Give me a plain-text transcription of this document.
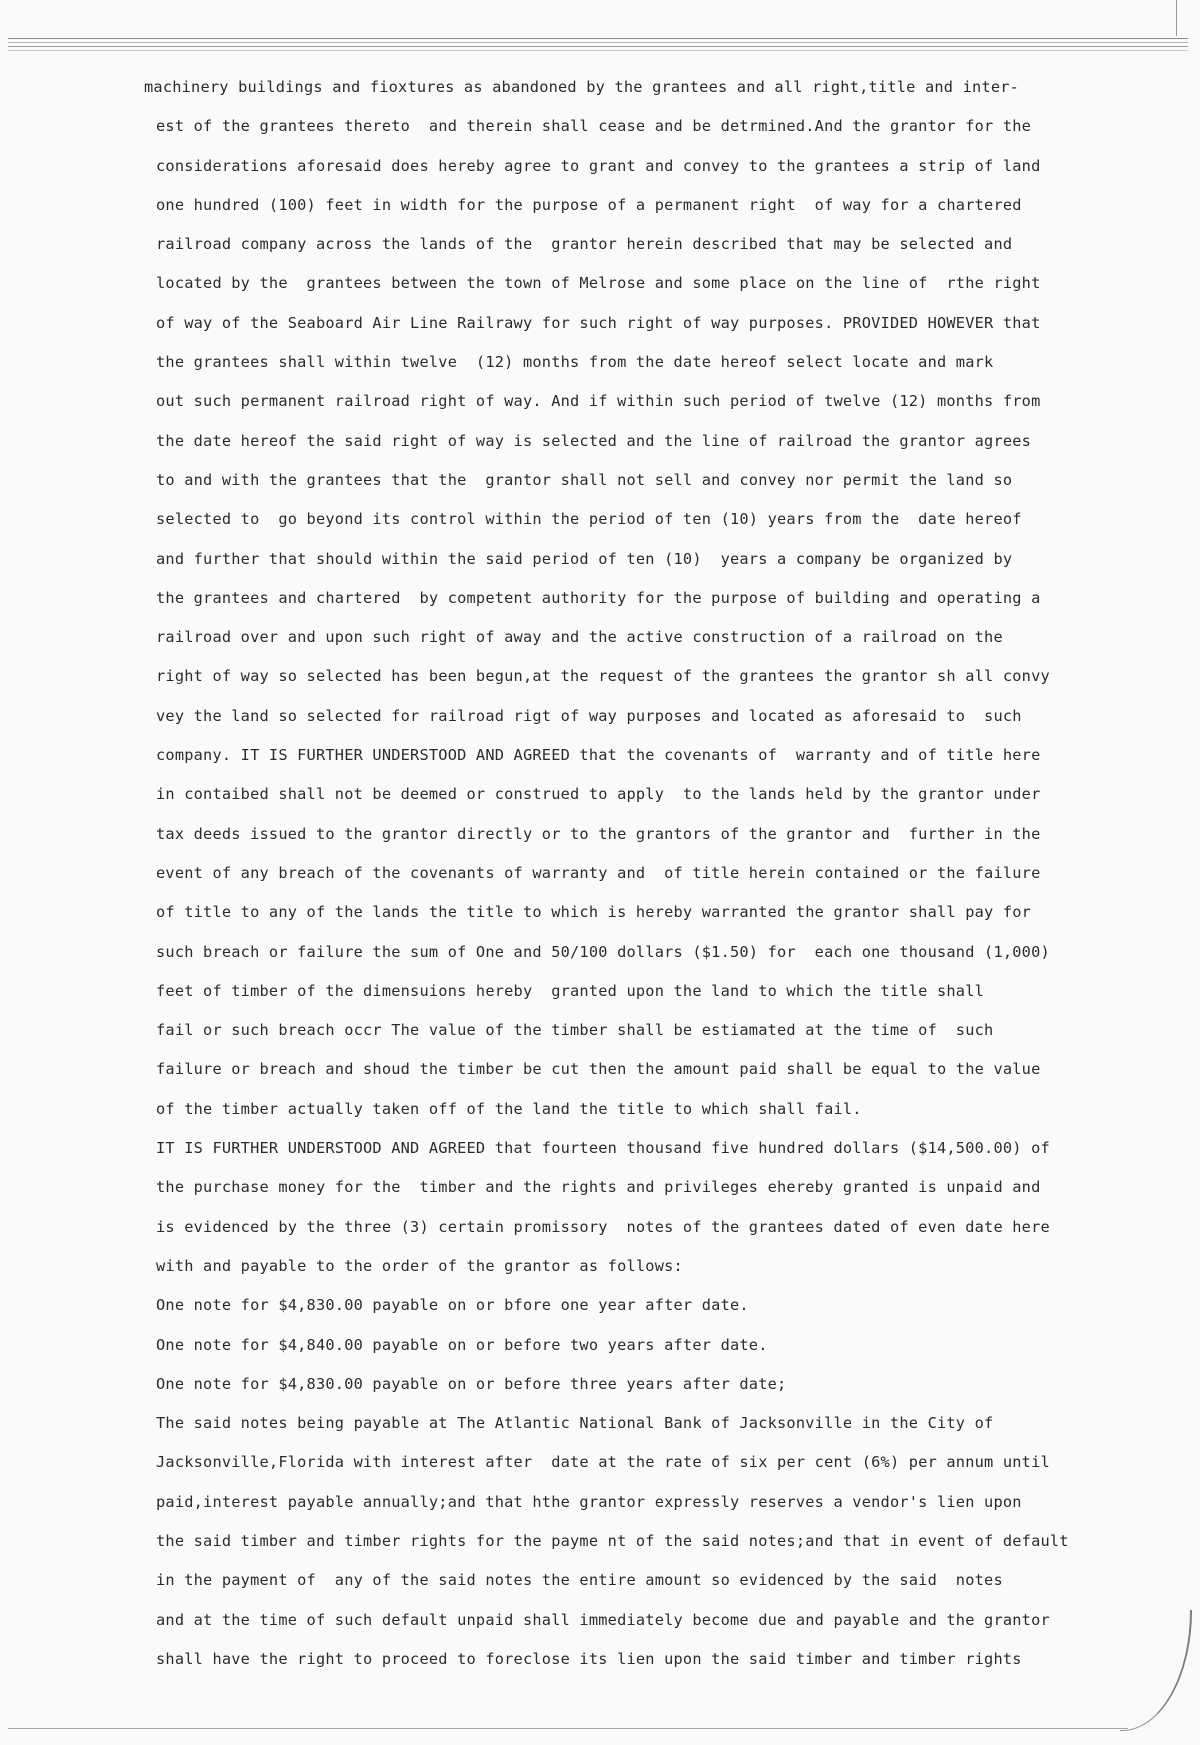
machinery buildings and fioxtures as abandoned by the grantees and all right,title and inter-
est of the grantees thereto  and therein shall cease and be detrmined.And the grantor for the
considerations aforesaid does hereby agree to grant and convey to the grantees a strip of land
one hundred (100) feet in width for the purpose of a permanent right  of way for a chartered
railroad company across the lands of the  grantor herein described that may be selected and
located by the  grantees between the town of Melrose and some place on the line of  rthe right
of way of the Seaboard Air Line Railrawy for such right of way purposes. PROVIDED HOWEVER that
the grantees shall within twelve  (12) months from the date hereof select locate and mark
out such permanent railroad right of way. And if within such period of twelve (12) months from
the date hereof the said right of way is selected and the line of railroad the grantor agrees
to and with the grantees that the  grantor shall not sell and convey nor permit the land so
selected to  go beyond its control within the period of ten (10) years from the  date hereof
and further that should within the said period of ten (10)  years a company be organized by
the grantees and chartered  by competent authority for the purpose of building and operating a
railroad over and upon such right of away and the active construction of a railroad on the
right of way so selected has been begun,at the request of the grantees the grantor sh all convy
vey the land so selected for railroad rigt of way purposes and located as aforesaid to  such
company. IT IS FURTHER UNDERSTOOD AND AGREED that the covenants of  warranty and of title here
in contaibed shall not be deemed or construed to apply  to the lands held by the grantor under
tax deeds issued to the grantor directly or to the grantors of the grantor and  further in the
event of any breach of the covenants of warranty and  of title herein contained or the failure
of title to any of the lands the title to which is hereby warranted the grantor shall pay for
such breach or failure the sum of One and 50/100 dollars ($1.50) for  each one thousand (1,000)
feet of timber of the dimensuions hereby  granted upon the land to which the title shall
fail or such breach occr The value of the timber shall be estiamated at the time of  such
failure or breach and shoud the timber be cut then the amount paid shall be equal to the value
of the timber actually taken off of the land the title to which shall fail.
IT IS FURTHER UNDERSTOOD AND AGREED that fourteen thousand five hundred dollars ($14,500.00) of
the purchase money for the  timber and the rights and privileges ehereby granted is unpaid and
is evidenced by the three (3) certain promissory  notes of the grantees dated of even date here
with and payable to the order of the grantor as follows:
One note for $4,830.00 payable on or bfore one year after date.
One note for $4,840.00 payable on or before two years after date.
One note for $4,830.00 payable on or before three years after date;
The said notes being payable at The Atlantic National Bank of Jacksonville in the City of
Jacksonville,Florida with interest after  date at the rate of six per cent (6%) per annum until
paid,interest payable annually;and that hthe grantor expressly reserves a vendor's lien upon
the said timber and timber rights for the payme nt of the said notes;and that in event of default
in the payment of  any of the said notes the entire amount so evidenced by the said  notes
and at the time of such default unpaid shall immediately become due and payable and the grantor
shall have the right to proceed to foreclose its lien upon the said timber and timber rights
